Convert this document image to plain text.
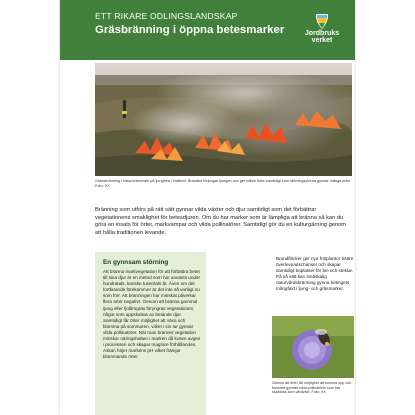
ETT RIKARE ODLINGSLANDSKAP
Gräsbränning i öppna betesmarker	Jordbruks
verket
Grässbränning i naturbetesmark på ljunghed i Halland. Branden förjungar ljungen och ger bättre bete samtidigt som störningsytorna gynnar många arter. Foto: XX
Bränning som utförs på rätt sätt gynnar vilda växter och djur samtidigt som det förbättrar vegetationens smaklighet för betesdjuren. Om du har marker som är lämpliga att bränna så kan du göra en insats för örter, markvampar och vilda pollinatörer. Samtidigt gör du en kulturgärning genom att hålla traditionen levande.
Brandfläcker ger nya frötplantor bättre överlevnadschanser och skapar samtidigt boplatser för bin och steklar. På så sätt kan småskalig naturvårdsbränning gynna betingets mångfald i ljung- och gräsmarker.
Genom att örter får möjlighet att komma upp och blomma gynnas vilda pollinatörer som har skabiosa som värdväxt. Foto: XX
En gynnsam störning
Att bränna markvegetation för att förbättra betet till sina djur är en metod som har använts under hundratals, kanske tusentals år. Även om det fortfarande förekommer är det inte så vanligt nu som förr. Att bränningen har minskat påverkar flera arter negativt. Genom att bränna gammal ljung eller fjolårsgräs föryngras vegetationen, något som uppskattas av betande djur. Samtidigt får örter möjlighet att växa och blomma på sommaren, vilket i sin tur gynnar vilda pollinatörer. När man bränner vegetation minskar näringshalten i marken då kväve avges i processen och skapar magrare förhållanden. Askan höjer markens pH vilket främjar blommande örter.
